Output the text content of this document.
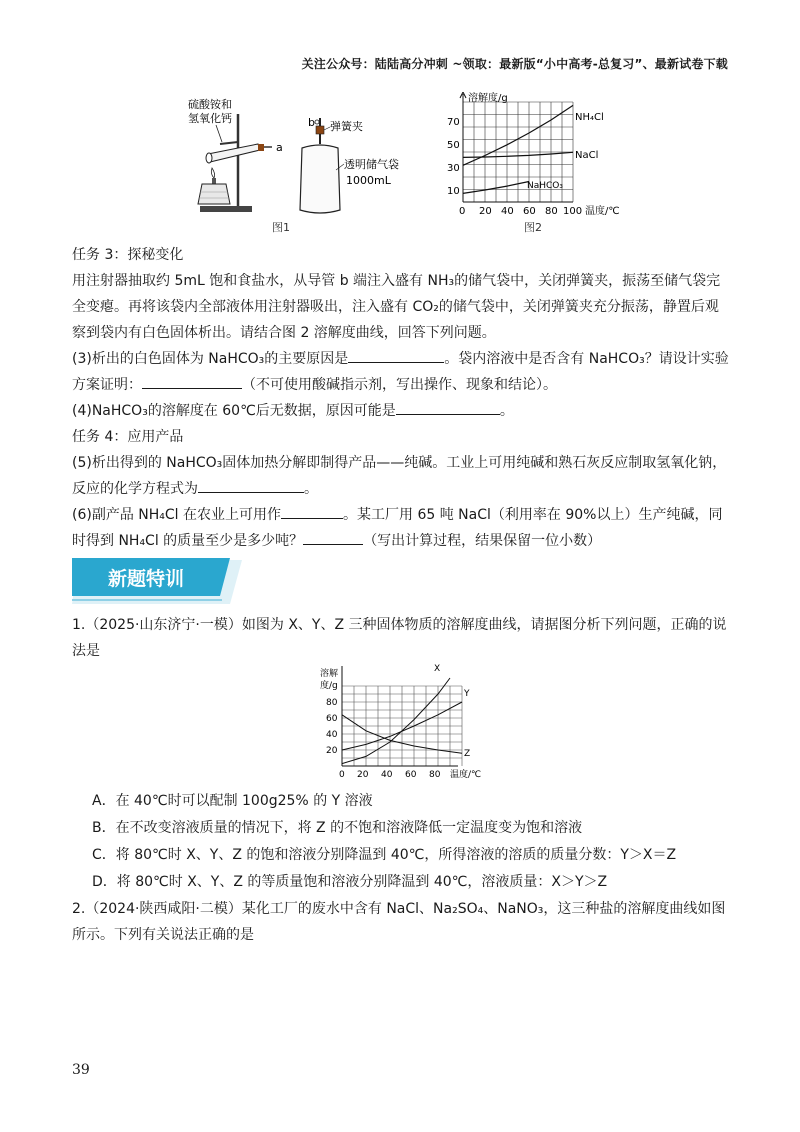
关注公众号：陆陆高分冲刺 ~领取：最新版“小中高考-总复习”、最新试卷下载
硫酸铵和
氢氧化钙
a
b 弹簧夹
透明储气袋
1000mL
图1
溶解度/g
70
50
30
10
0 20 40 60 80 100 温度/℃
NH₄Cl
NaCl
NaHCO₃
图2

任务 3：探秘变化

用注射器抽取约 5mL 饱和食盐水，从导管 b 端注入盛有 NH₃的储气袋中，关闭弹簧夹，振荡至储气袋完全变瘪。再将该袋内全部液体用注射器吸出，注入盛有 CO₂的储气袋中，关闭弹簧夹充分振荡，静置后观察到袋内有白色固体析出。请结合图 2 溶解度曲线，回答下列问题。

(3)析出的白色固体为 NaHCO₃的主要原因是	。袋内溶液中是否含有 NaHCO₃？请设计实验方案证明：	（不可使用酸碱指示剂，写出操作、现象和结论）。

(4)NaHCO₃的溶解度在 60℃后无数据，原因可能是	。

任务 4：应用产品

(5)析出得到的 NaHCO₃固体加热分解即制得产品——纯碱。工业上可用纯碱和熟石灰反应制取氢氧化钠，反应的化学方程式为	。

(6)副产品 NH₄Cl 在农业上可用作	。某工厂用 65 吨 NaCl（利用率在 90%以上）生产纯碱，同时得到 NH₄Cl 的质量至少是多少吨？	（写出计算过程，结果保留一位小数）

新题特训
1.（2025·山东济宁·一模）如图为 X、Y、Z 三种固体物质的溶解度曲线，请据图分析下列问题，正确的说法是
溶解
度/g
80
60
40
20
0 20 40 60 80 温度/℃
X
Y
Z

A．在 40℃时可以配制 100g25% 的 Y 溶液

B．在不改变溶液质量的情况下，将 Z 的不饱和溶液降低一定温度变为饱和溶液

C．将 80℃时 X、Y、Z 的饱和溶液分别降温到 40℃，所得溶液的溶质的质量分数：Y＞X＝Z

D．将 80℃时 X、Y、Z 的等质量饱和溶液分别降温到 40℃，溶液质量：X＞Y＞Z

2.（2024·陕西咸阳·二模）某化工厂的废水中含有 NaCl、Na₂SO₄、NaNO₃，这三种盐的溶解度曲线如图所示。下列有关说法正确的是
39
